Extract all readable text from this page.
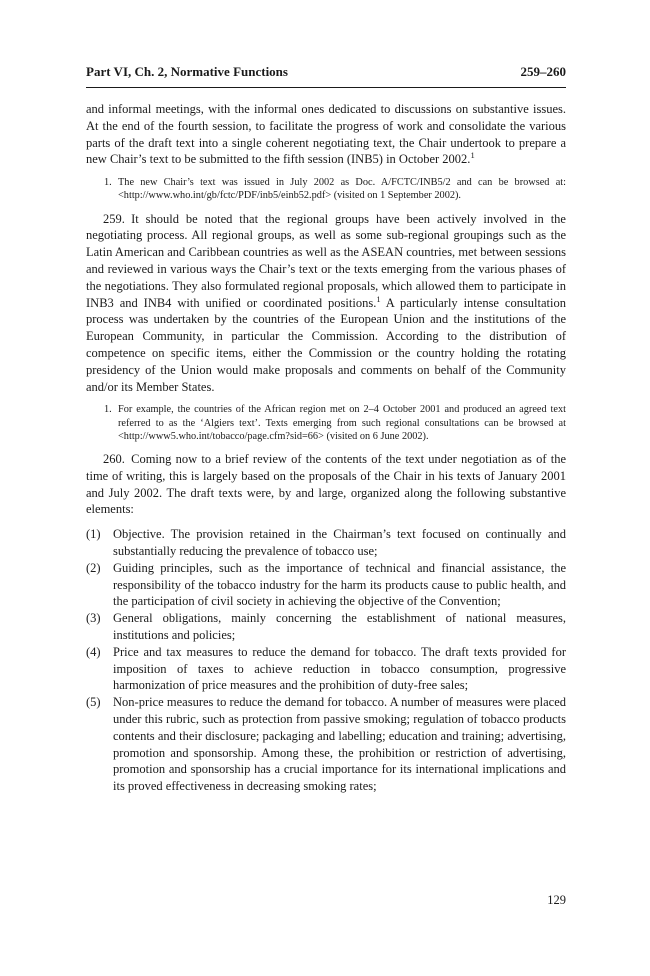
Part VI, Ch. 2, Normative Functions	259–260

and informal meetings, with the informal ones dedicated to discussions on substantive issues. At the end of the fourth session, to facilitate the progress of work and consolidate the various parts of the draft text into a single coherent negotiating text, the Chair undertook to prepare a new Chair’s text to be submitted to the fifth session (INB5) in October 2002.$^1$

1. The new Chair’s text was issued in July 2002 as Doc. A/FCTC/INB5/2 and can be browsed at: <http://www.who.int/gb/fctc/PDF/inb5/einb52.pdf> (visited on 1 September 2002).

259. It should be noted that the regional groups have been actively involved in the negotiating process. All regional groups, as well as some sub-regional groupings such as the Latin American and Caribbean countries as well as the ASEAN countries, met between sessions and reviewed in various ways the Chair’s text or the texts emerging from the various phases of the negotiations. They also formulated regional proposals, which allowed them to participate in INB3 and INB4 with unified or coordinated positions.$^1$ A particularly intense consultation process was undertaken by the countries of the European Union and the institutions of the European Community, in particular the Commission. According to the distribution of competence on specific items, either the Commission or the country holding the rotating presidency of the Union would make proposals and comments on behalf of the Community and/or its Member States.

1. For example, the countries of the African region met on 2–4 October 2001 and produced an agreed text referred to as the ‘Algiers text’. Texts emerging from such regional consultations can be browsed at <http://www5.who.int/tobacco/page.cfm?sid=66> (visited on 6 June 2002).

260. Coming now to a brief review of the contents of the text under negotiation as of the time of writing, this is largely based on the proposals of the Chair in his texts of January 2001 and July 2002. The draft texts were, by and large, organized along the following substantive elements:

(1) Objective. The provision retained in the Chairman’s text focused on continually and substantially reducing the prevalence of tobacco use;
(2) Guiding principles, such as the importance of technical and financial assistance, the responsibility of the tobacco industry for the harm its products cause to public health, and the participation of civil society in achieving the objective of the Convention;
(3) General obligations, mainly concerning the establishment of national measures, institutions and policies;
(4) Price and tax measures to reduce the demand for tobacco. The draft texts provided for imposition of taxes to achieve reduction in tobacco consumption, progressive harmonization of price measures and the prohibition of duty-free sales;
(5) Non-price measures to reduce the demand for tobacco. A number of measures were placed under this rubric, such as protection from passive smoking; regulation of tobacco products contents and their disclosure; packaging and labelling; education and training; advertising, promotion and sponsorship. Among these, the prohibition or restriction of advertising, promotion and sponsorship has a crucial importance for its international implications and its proved effectiveness in decreasing smoking rates;
129
